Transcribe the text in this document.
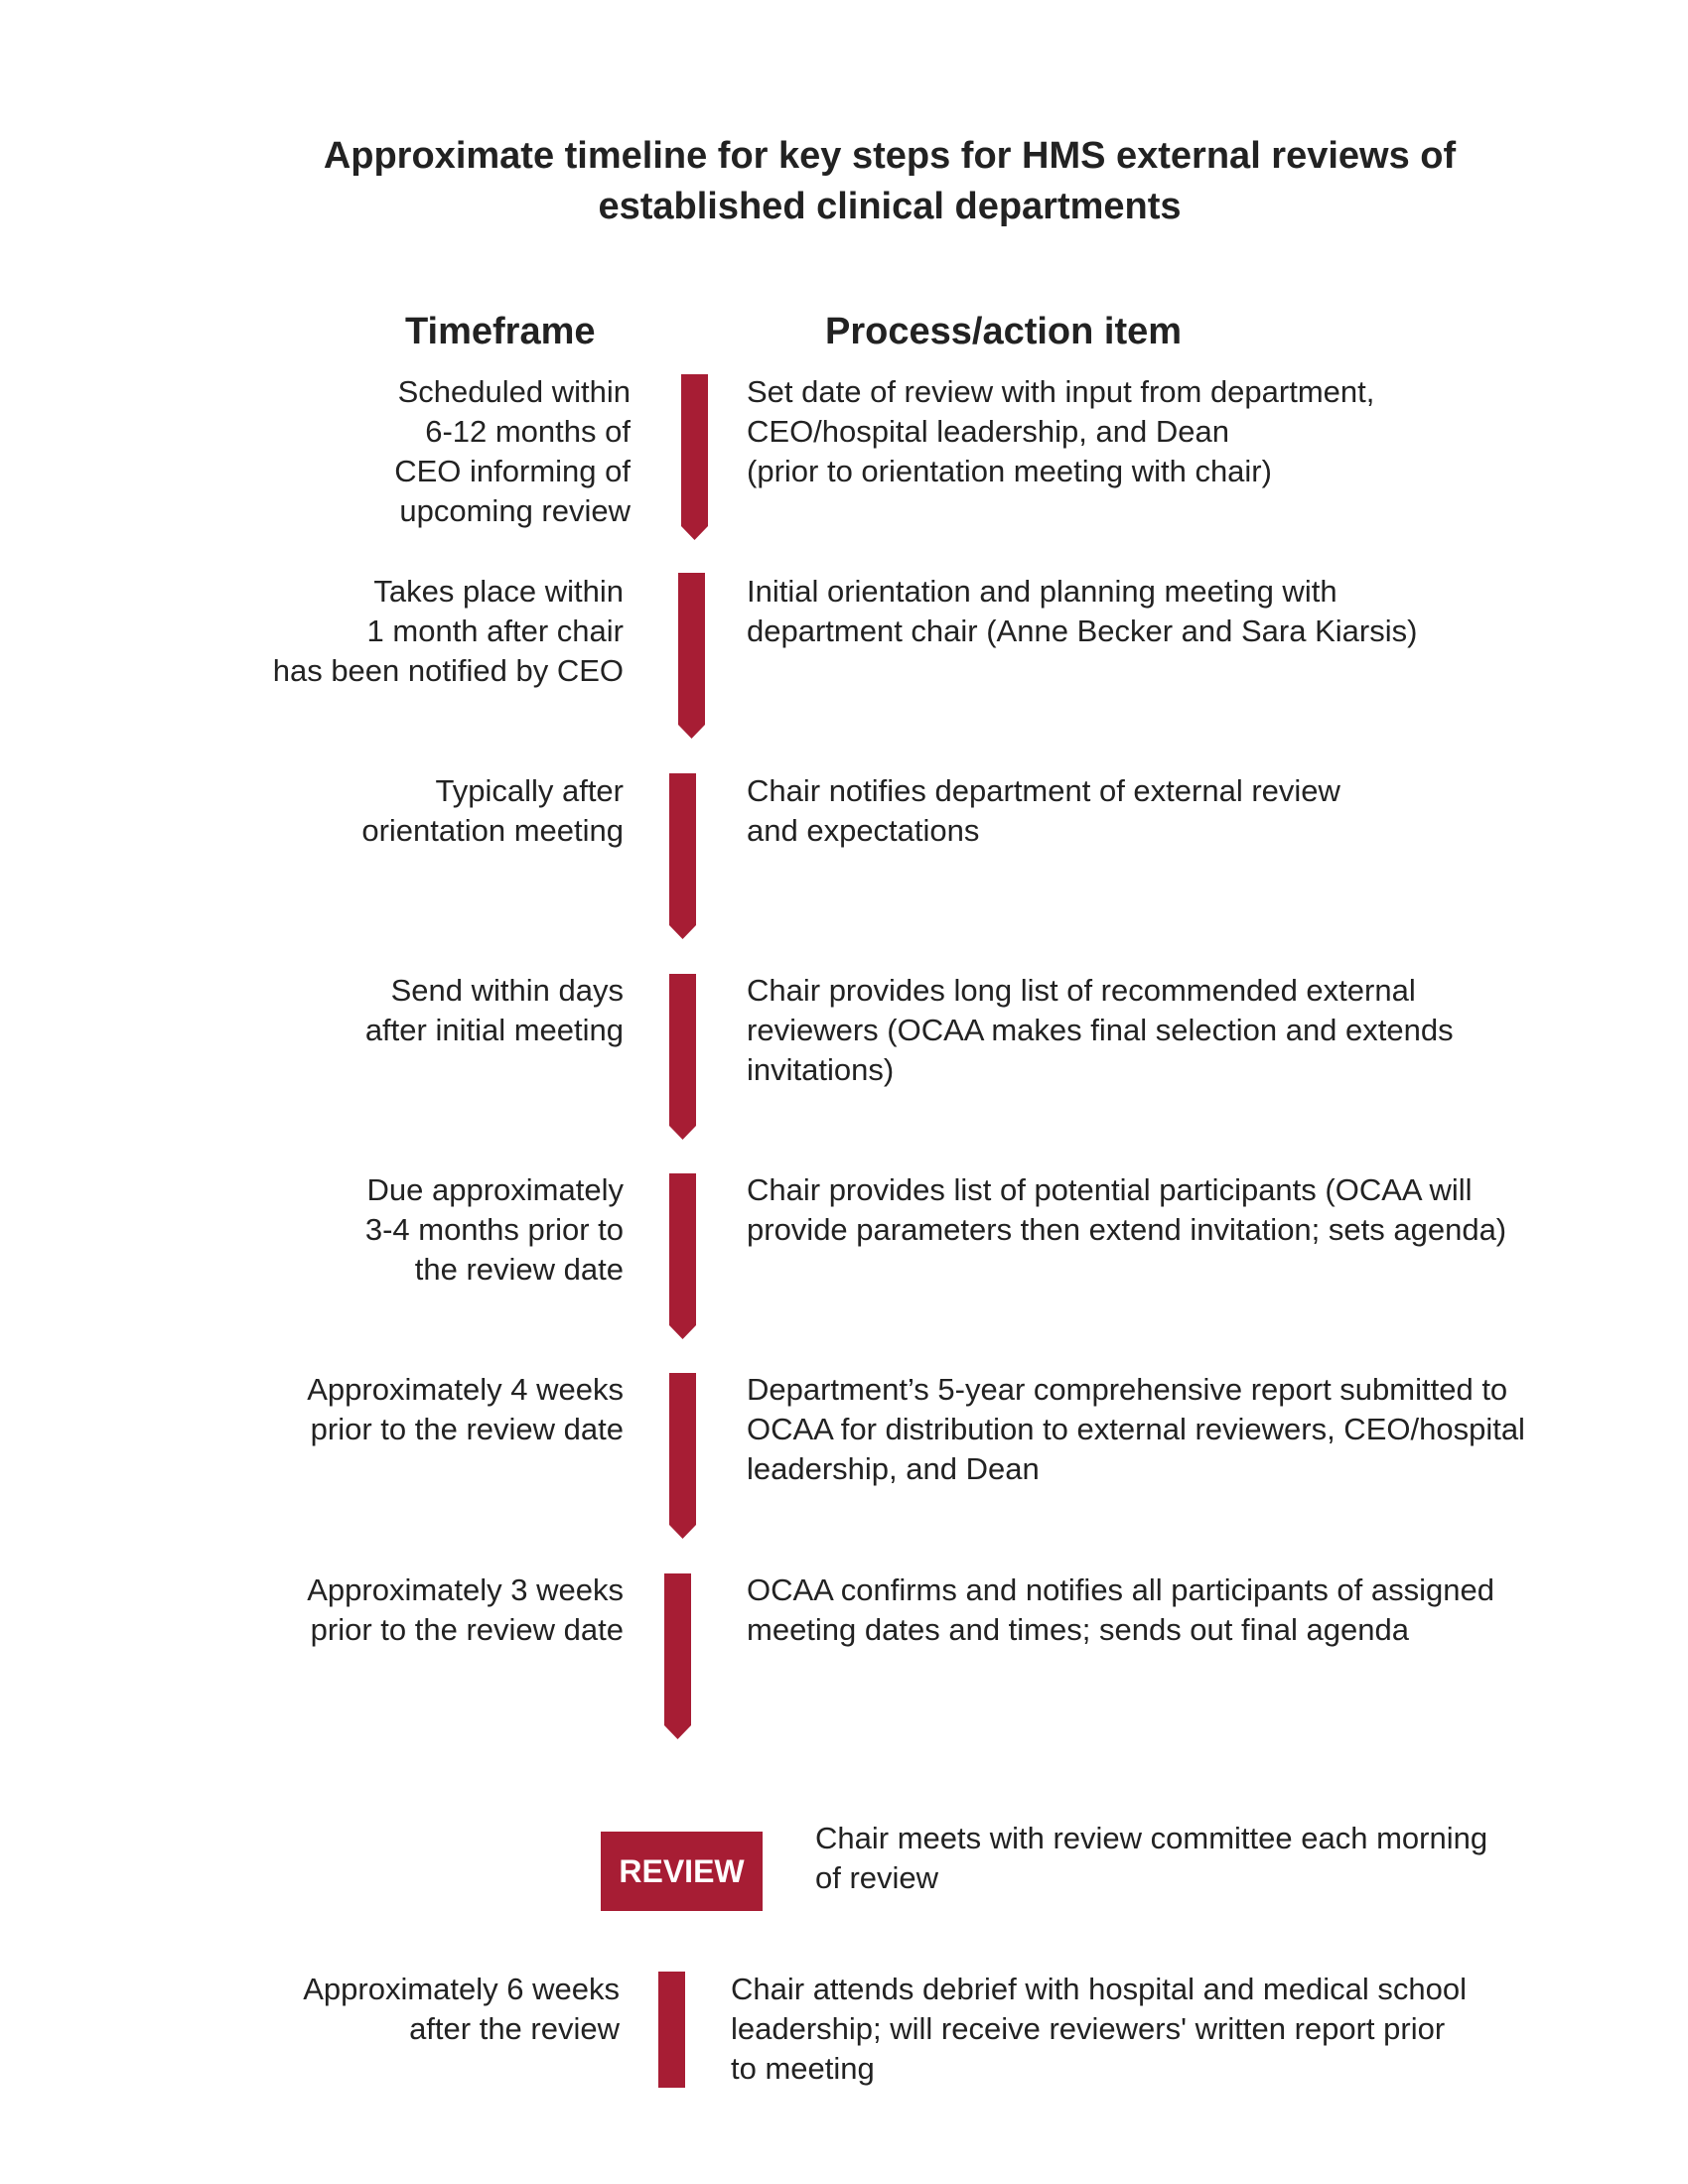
Approximate timeline for key steps for HMS external reviews of
established clinical departments
Timeframe	Process/action item
Scheduled within
6-12 months of
CEO informing of
upcoming review
Set date of review with input from department,
CEO/hospital leadership, and Dean
(prior to orientation meeting with chair)
Takes place within
1 month after chair
has been notified by CEO
Initial orientation and planning meeting with
department chair (Anne Becker and Sara Kiarsis)
Typically after
orientation meeting
Chair notifies department of external review
and expectations
Send within days
after initial meeting
Chair provides long list of recommended external
reviewers (OCAA makes final selection and extends
invitations)
Due approximately
3-4 months prior to
the review date
Chair provides list of potential participants (OCAA will
provide parameters then extend invitation; sets agenda)
Approximately 4 weeks
prior to the review date
Department’s 5-year comprehensive report submitted to
OCAA for distribution to external reviewers, CEO/hospital
leadership, and Dean
Approximately 3 weeks
prior to the review date
OCAA confirms and notifies all participants of assigned
meeting dates and times; sends out final agenda
REVIEW
Chair meets with review committee each morning
of review
Approximately 6 weeks
after the review
Chair attends debrief with hospital and medical school
leadership; will receive reviewers' written report prior
to meeting
